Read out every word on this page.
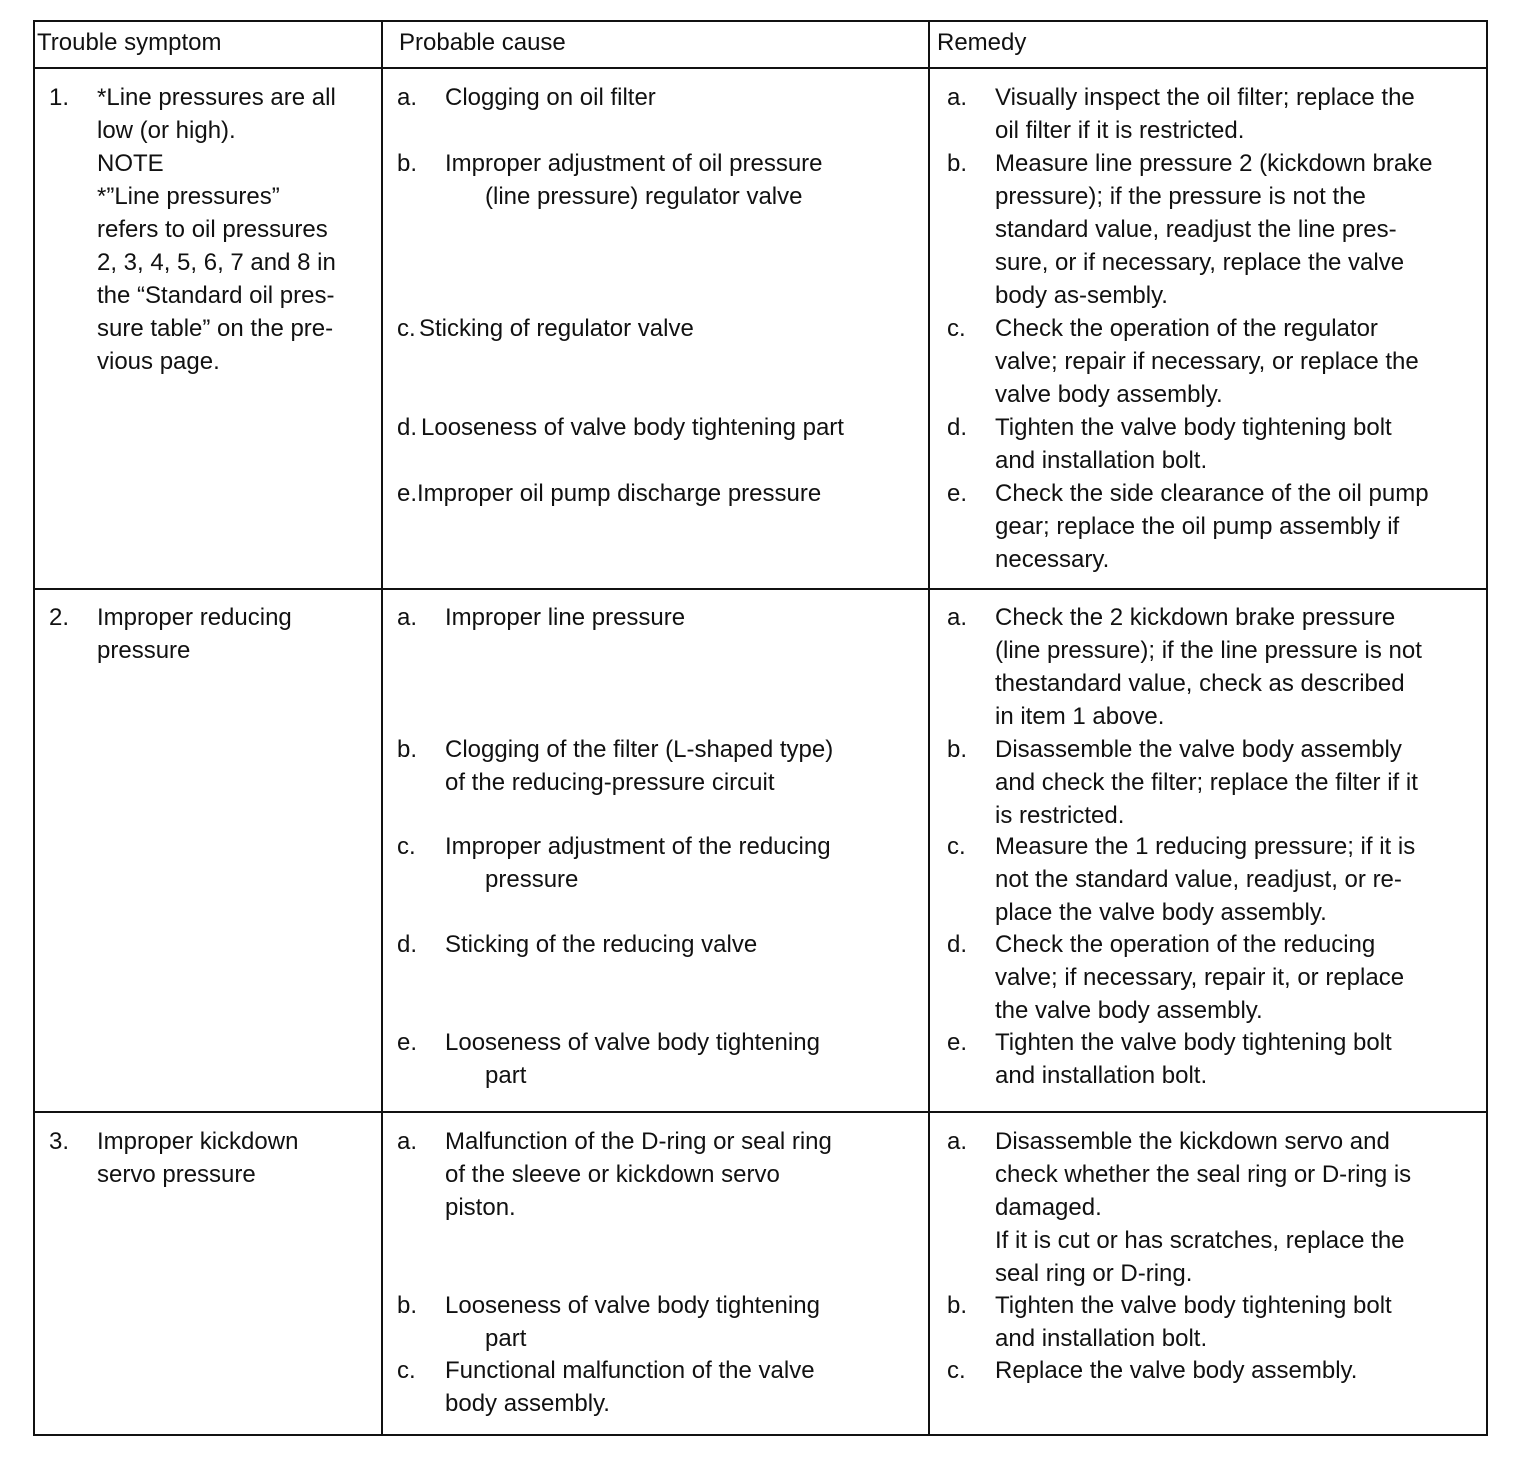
Trouble symptom	Probable cause	Remedy
1. *Line pressures are all
low (or high).
NOTE
*”Line pressures”
refers to oil pressures
2, 3, 4, 5, 6, 7 and 8 in
the “Standard oil pres-
sure table” on the pre-
vious page.
a. Clogging on oil filter
b. Improper adjustment of oil pressure
(line pressure) regulator valve
c. Sticking of regulator valve
d. Looseness of valve body tightening part
e. Improper oil pump discharge pressure
a. Visually inspect the oil filter; replace the
oil filter if it is restricted.
b. Measure line pressure 2 (kickdown brake
pressure); if the pressure is not the
standard value, readjust the line pres-
sure, or if necessary, replace the valve
body as-sembly.
c. Check the operation of the regulator
valve; repair if necessary, or replace the
valve body assembly.
d. Tighten the valve body tightening bolt
and installation bolt.
e. Check the side clearance of the oil pump
gear; replace the oil pump assembly if
necessary.
2. Improper reducing
pressure
a. Improper line pressure
b. Clogging of the filter (L-shaped type)
of the reducing-pressure circuit
c. Improper adjustment of the reducing
pressure
d. Sticking of the reducing valve
e. Looseness of valve body tightening
part
a. Check the 2 kickdown brake pressure
(line pressure); if the line pressure is not
thestandard value, check as described
in item 1 above.
b. Disassemble the valve body assembly
and check the filter; replace the filter if it
is restricted.
c. Measure the 1 reducing pressure; if it is
not the standard value, readjust, or re-
place the valve body assembly.
d. Check the operation of the reducing
valve; if necessary, repair it, or replace
the valve body assembly.
e. Tighten the valve body tightening bolt
and installation bolt.
3. Improper kickdown
servo pressure
a. Malfunction of the D-ring or seal ring
of the sleeve or kickdown servo
piston.
b. Looseness of valve body tightening
part
c. Functional malfunction of the valve
body assembly.
a. Disassemble the kickdown servo and
check whether the seal ring or D-ring is
damaged.
If it is cut or has scratches, replace the
seal ring or D-ring.
b. Tighten the valve body tightening bolt
and installation bolt.
c. Replace the valve body assembly.
